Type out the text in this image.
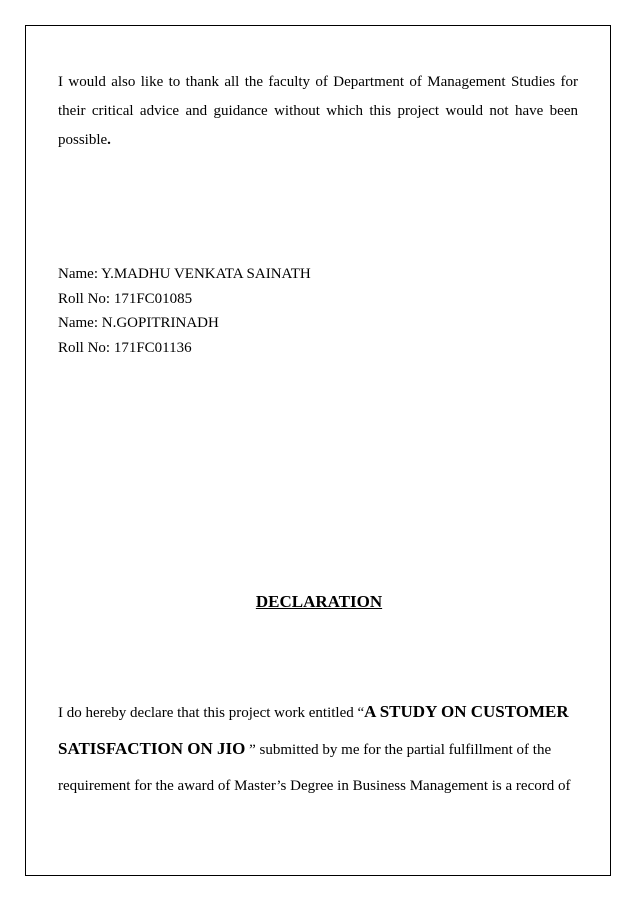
I would also like to thank all the faculty of Department of Management Studies for their critical advice and guidance without which this project would not have been possible.

Name: Y.MADHU VENKATA SAINATH
Roll No: 171FC01085
Name: N.GOPITRINADH
Roll No: 171FC01136
DECLARATION
I do hereby declare that this project work entitled “A STUDY ON CUSTOMER
SATISFACTION ON JIO ” submitted by me for the partial fulfillment of the
requirement for the award of Master’s Degree in Business Management is a record of
